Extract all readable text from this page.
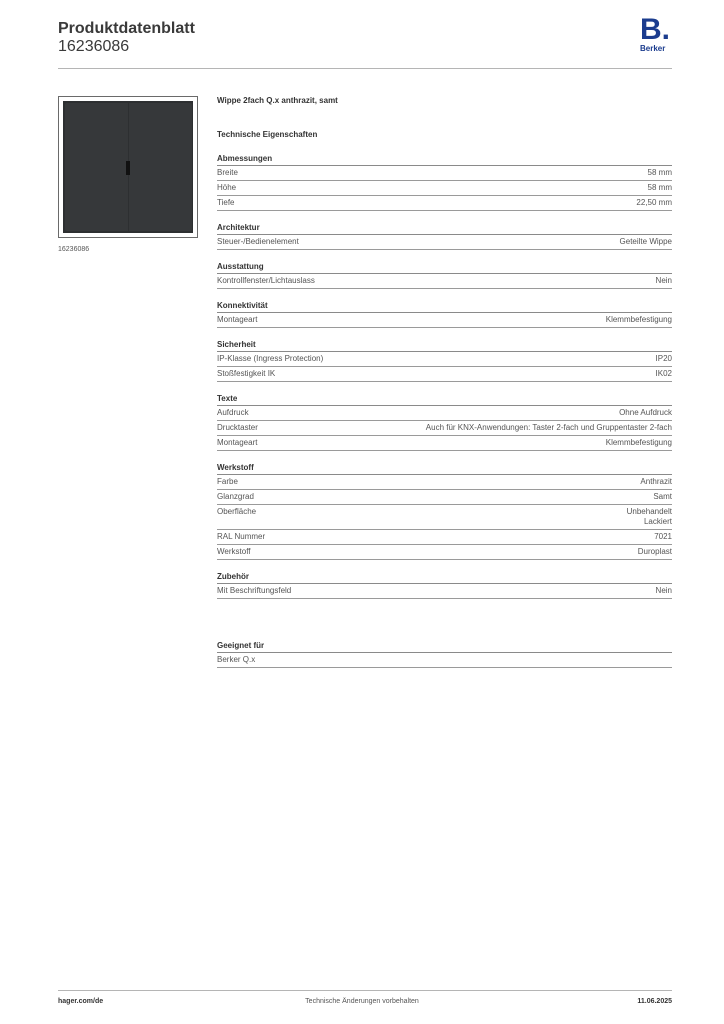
Produktdatenblatt
16236086
B.
Berker
16236086
Wippe 2fach Q.x anthrazit, samt
Technische Eigenschaften
Abmessungen
Breite	58 mm
Höhe	58 mm
Tiefe	22,50 mm
Architektur
Steuer-/Bedienelement	Geteilte Wippe
Ausstattung
Kontrollfenster/Lichtauslass	Nein
Konnektivität
Montageart	Klemmbefestigung
Sicherheit
IP-Klasse (Ingress Protection)	IP20
Stoßfestigkeit IK	IK02
Texte
Aufdruck	Ohne Aufdruck
Drucktaster	Auch für KNX-Anwendungen: Taster 2-fach und Gruppentaster 2-fach
Montageart	Klemmbefestigung
Werkstoff
Farbe	Anthrazit
Glanzgrad	Samt
Oberfläche	Unbehandelt
Lackiert
RAL Nummer	7021
Werkstoff	Duroplast
Zubehör
Mit Beschriftungsfeld	Nein
Geeignet für
Berker Q.x
Technische Änderungen vorbehalten
hager.com/de	11.06.2025
